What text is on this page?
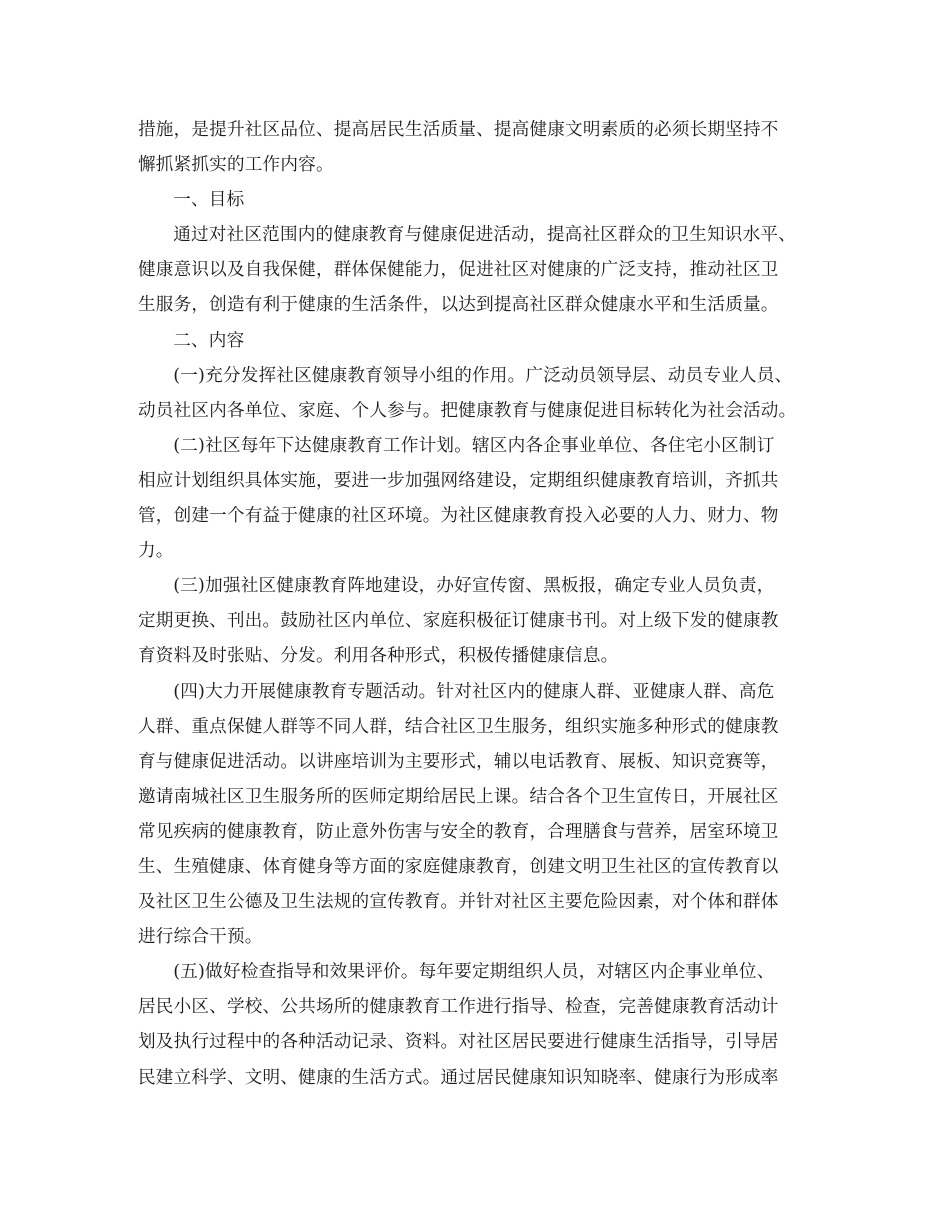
措施，是提升社区品位、提高居民生活质量、提高健康文明素质的必须长期坚持不
懈抓紧抓实的工作内容。

一、目标

通过对社区范围内的健康教育与健康促进活动，提高社区群众的卫生知识水平、
健康意识以及自我保健，群体保健能力，促进社区对健康的广泛支持，推动社区卫
生服务，创造有利于健康的生活条件，以达到提高社区群众健康水平和生活质量。

二、内容

(一)充分发挥社区健康教育领导小组的作用。广泛动员领导层、动员专业人员、
动员社区内各单位、家庭、个人参与。把健康教育与健康促进目标转化为社会活动。

(二)社区每年下达健康教育工作计划。辖区内各企事业单位、各住宅小区制订
相应计划组织具体实施，要进一步加强网络建设，定期组织健康教育培训，齐抓共
管，创建一个有益于健康的社区环境。为社区健康教育投入必要的人力、财力、物
力。

(三)加强社区健康教育阵地建设，办好宣传窗、黑板报，确定专业人员负责，
定期更换、刊出。鼓励社区内单位、家庭积极征订健康书刊。对上级下发的健康教
育资料及时张贴、分发。利用各种形式，积极传播健康信息。

(四)大力开展健康教育专题活动。针对社区内的健康人群、亚健康人群、高危
人群、重点保健人群等不同人群，结合社区卫生服务，组织实施多种形式的健康教
育与健康促进活动。以讲座培训为主要形式，辅以电话教育、展板、知识竞赛等，
邀请南城社区卫生服务所的医师定期给居民上课。结合各个卫生宣传日，开展社区
常见疾病的健康教育，防止意外伤害与安全的教育，合理膳食与营养，居室环境卫
生、生殖健康、体育健身等方面的家庭健康教育，创建文明卫生社区的宣传教育以
及社区卫生公德及卫生法规的宣传教育。并针对社区主要危险因素，对个体和群体
进行综合干预。

(五)做好检查指导和效果评价。每年要定期组织人员，对辖区内企事业单位、
居民小区、学校、公共场所的健康教育工作进行指导、检查，完善健康教育活动计
划及执行过程中的各种活动记录、资料。对社区居民要进行健康生活指导，引导居
民建立科学、文明、健康的生活方式。通过居民健康知识知晓率、健康行为形成率
